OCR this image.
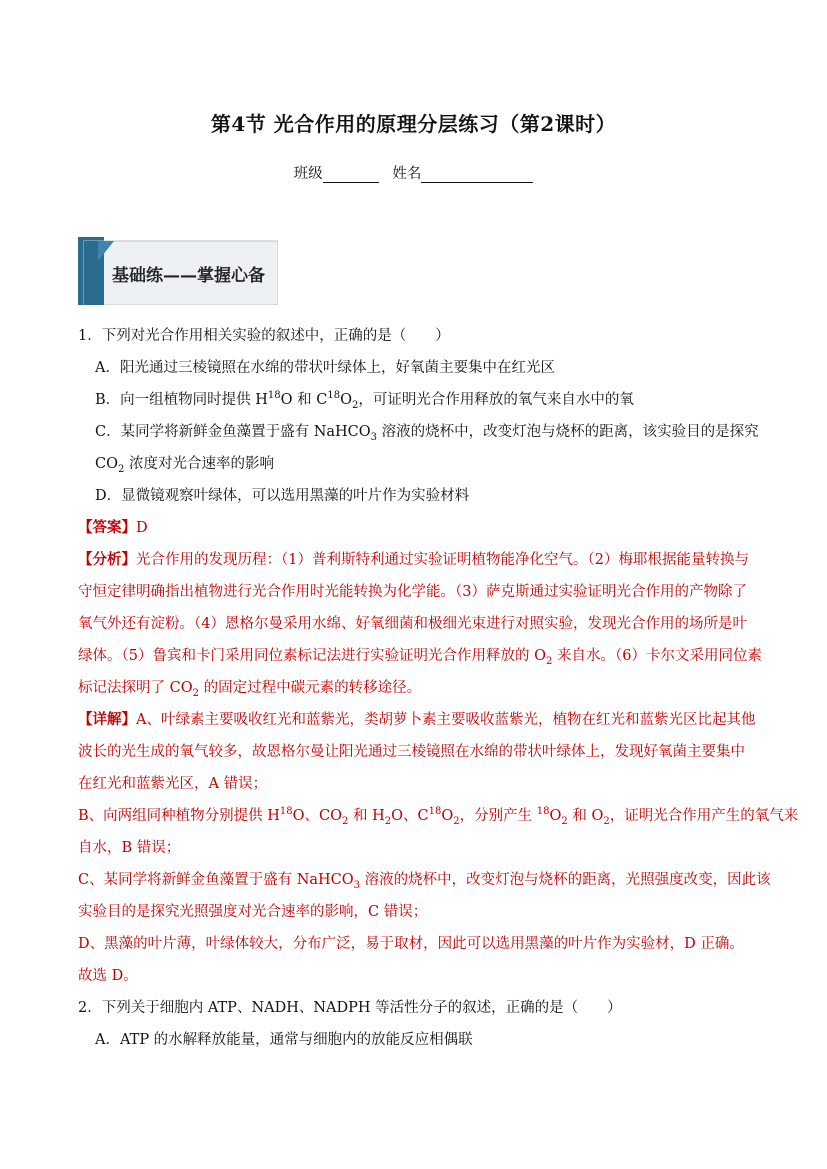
第4节 光合作用的原理分层练习（第2课时）
班级	姓名
基础练——掌握心备
1．下列对光合作用相关实验的叙述中，正确的是（　　）
A．阳光通过三棱镜照在水绵的带状叶绿体上，好氧菌主要集中在红光区
B．向一组植物同时提供 $H^{18}O$ 和 $C^{18}O_2$，可证明光合作用释放的氧气来自水中的氧
C．某同学将新鲜金鱼藻置于盛有 NaHCO$_3$ 溶液的烧杯中，改变灯泡与烧杯的距离，该实验目的是探究
$CO_2$ 浓度对光合速率的影响
D．显微镜观察叶绿体，可以选用黑藻的叶片作为实验材料
【答案】D
【分析】光合作用的发现历程：（1）普利斯特利通过实验证明植物能净化空气。（2）梅耶根据能量转换与
守恒定律明确指出植物进行光合作用时光能转换为化学能。（3）萨克斯通过实验证明光合作用的产物除了
氧气外还有淀粉。（4）恩格尔曼采用水绵、好氧细菌和极细光束进行对照实验，发现光合作用的场所是叶
绿体。（5）鲁宾和卡门采用同位素标记法进行实验证明光合作用释放的 $O_2$ 来自水。（6）卡尔文采用同位素
标记法探明了 $CO_2$ 的固定过程中碳元素的转移途径。
【详解】A、叶绿素主要吸收红光和蓝紫光，类胡萝卜素主要吸收蓝紫光，植物在红光和蓝紫光区比起其他
波长的光生成的氧气较多，故恩格尔曼让阳光通过三棱镜照在水绵的带状叶绿体上，发现好氧菌主要集中
在红光和蓝紫光区，A 错误；
B、向两组同种植物分别提供 $H^{18}O$、$CO_2$ 和 $H_2O$、$C^{18}O_2$，分别产生 $^{18}O_2$ 和 $O_2$，证明光合作用产生的氧气来
自水，B 错误；
C、某同学将新鲜金鱼藻置于盛有 NaHCO$_3$ 溶液的烧杯中，改变灯泡与烧杯的距离，光照强度改变，因此该
实验目的是探究光照强度对光合速率的影响，C 错误；
D、黑藻的叶片薄，叶绿体较大，分布广泛，易于取材，因此可以选用黑藻的叶片作为实验材，D 正确。
故选 D。
2．下列关于细胞内 ATP、NADH、NADPH 等活性分子的叙述，正确的是（　　）
A．ATP 的水解释放能量，通常与细胞内的放能反应相偶联
